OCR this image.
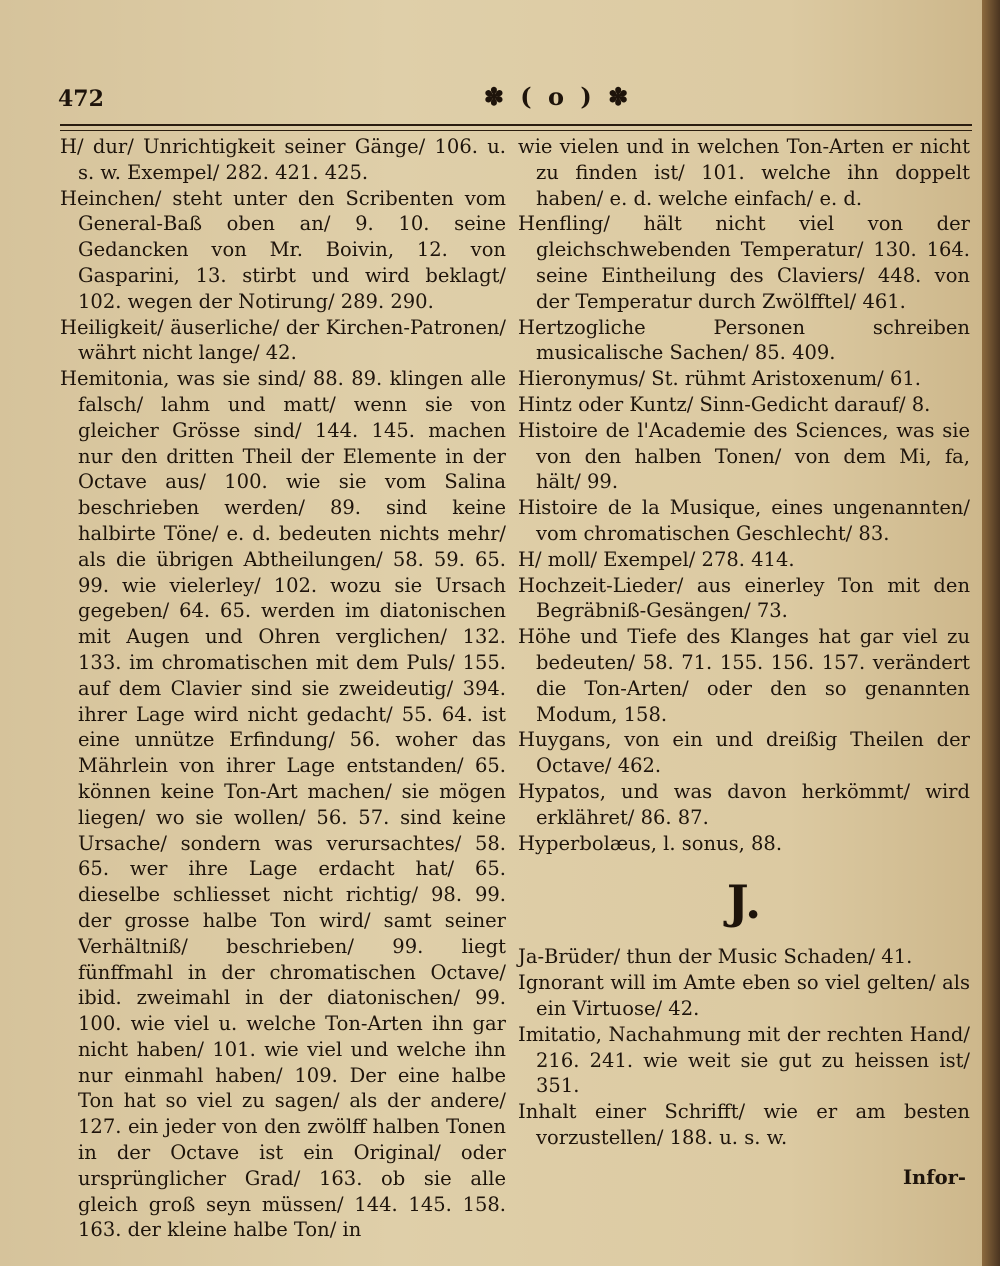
472	✽ ( o ) ✽

H/ dur/ Unrichtigkeit seiner Gänge/ 106. u. s. w. Exempel/ 282. 421. 425.

Heinchen/ steht unter den Scribenten vom General-Baß oben an/ 9. 10. seine Gedancken von Mr. Boivin, 12. von Gasparini, 13. stirbt und wird beklagt/ 102. wegen der Notirung/ 289. 290.

Heiligkeit/ äuserliche/ der Kirchen-Patronen/ währt nicht lange/ 42.

Hemitonia, was sie sind/ 88. 89. klingen alle falsch/ lahm und matt/ wenn sie von gleicher Grösse sind/ 144. 145. machen nur den dritten Theil der Elemente in der Octave aus/ 100. wie sie vom Salina beschrieben werden/ 89. sind keine halbirte Töne/ e. d. bedeuten nichts mehr/ als die übrigen Abtheilungen/ 58. 59. 65. 99. wie vielerley/ 102. wozu sie Ursach gegeben/ 64. 65. werden im diatonischen mit Augen und Ohren verglichen/ 132. 133. im chromatischen mit dem Puls/ 155. auf dem Clavier sind sie zweideutig/ 394. ihrer Lage wird nicht gedacht/ 55. 64. ist eine unnütze Erfindung/ 56. woher das Mährlein von ihrer Lage entstanden/ 65. können keine Ton-Art machen/ sie mögen liegen/ wo sie wollen/ 56. 57. sind keine Ursache/ sondern was verursachtes/ 58. 65. wer ihre Lage erdacht hat/ 65. dieselbe schliesset nicht richtig/ 98. 99. der grosse halbe Ton wird/ samt seiner Verhältniß/ beschrieben/ 99. liegt fünffmahl in der chromatischen Octave/ ibid. zweimahl in der diatonischen/ 99. 100. wie viel u. welche Ton-Arten ihn gar nicht haben/ 101. wie viel und welche ihn nur einmahl haben/ 109. Der eine halbe Ton hat so viel zu sagen/ als der andere/ 127. ein jeder von den zwölff halben Tonen in der Octave ist ein Original/ oder ursprünglicher Grad/ 163. ob sie alle gleich groß seyn müssen/ 144. 145. 158. 163. der kleine halbe Ton/ in

wie vielen und in welchen Ton-Arten er nicht zu finden ist/ 101. welche ihn doppelt haben/ e. d. welche einfach/ e. d.

Henfling/ hält nicht viel von der gleichschwebenden Temperatur/ 130. 164. seine Eintheilung des Claviers/ 448. von der Temperatur durch Zwölfftel/ 461.

Hertzogliche Personen schreiben musicalische Sachen/ 85. 409.

Hieronymus/ St. rühmt Aristoxenum/ 61.

Hintz oder Kuntz/ Sinn-Gedicht darauf/ 8.

Histoire de l'Academie des Sciences, was sie von den halben Tonen/ von dem Mi, fa, hält/ 99.

Histoire de la Musique, eines ungenannten/ vom chromatischen Geschlecht/ 83.

H/ moll/ Exempel/ 278. 414.

Hochzeit-Lieder/ aus einerley Ton mit den Begräbniß-Gesängen/ 73.

Höhe und Tiefe des Klanges hat gar viel zu bedeuten/ 58. 71. 155. 156. 157. verändert die Ton-Arten/ oder den so genannten Modum, 158.

Huygans, von ein und dreißig Theilen der Octave/ 462.

Hypatos, und was davon herkömmt/ wird erklähret/ 86. 87.

Hyperbolæus, l. sonus, 88.

J.

Ja-Brüder/ thun der Music Schaden/ 41.

Ignorant will im Amte eben so viel gelten/ als ein Virtuose/ 42.

Imitatio, Nachahmung mit der rechten Hand/ 216. 241. wie weit sie gut zu heissen ist/ 351.

Inhalt einer Schrifft/ wie er am besten vorzustellen/ 188. u. s. w.

Infor-
